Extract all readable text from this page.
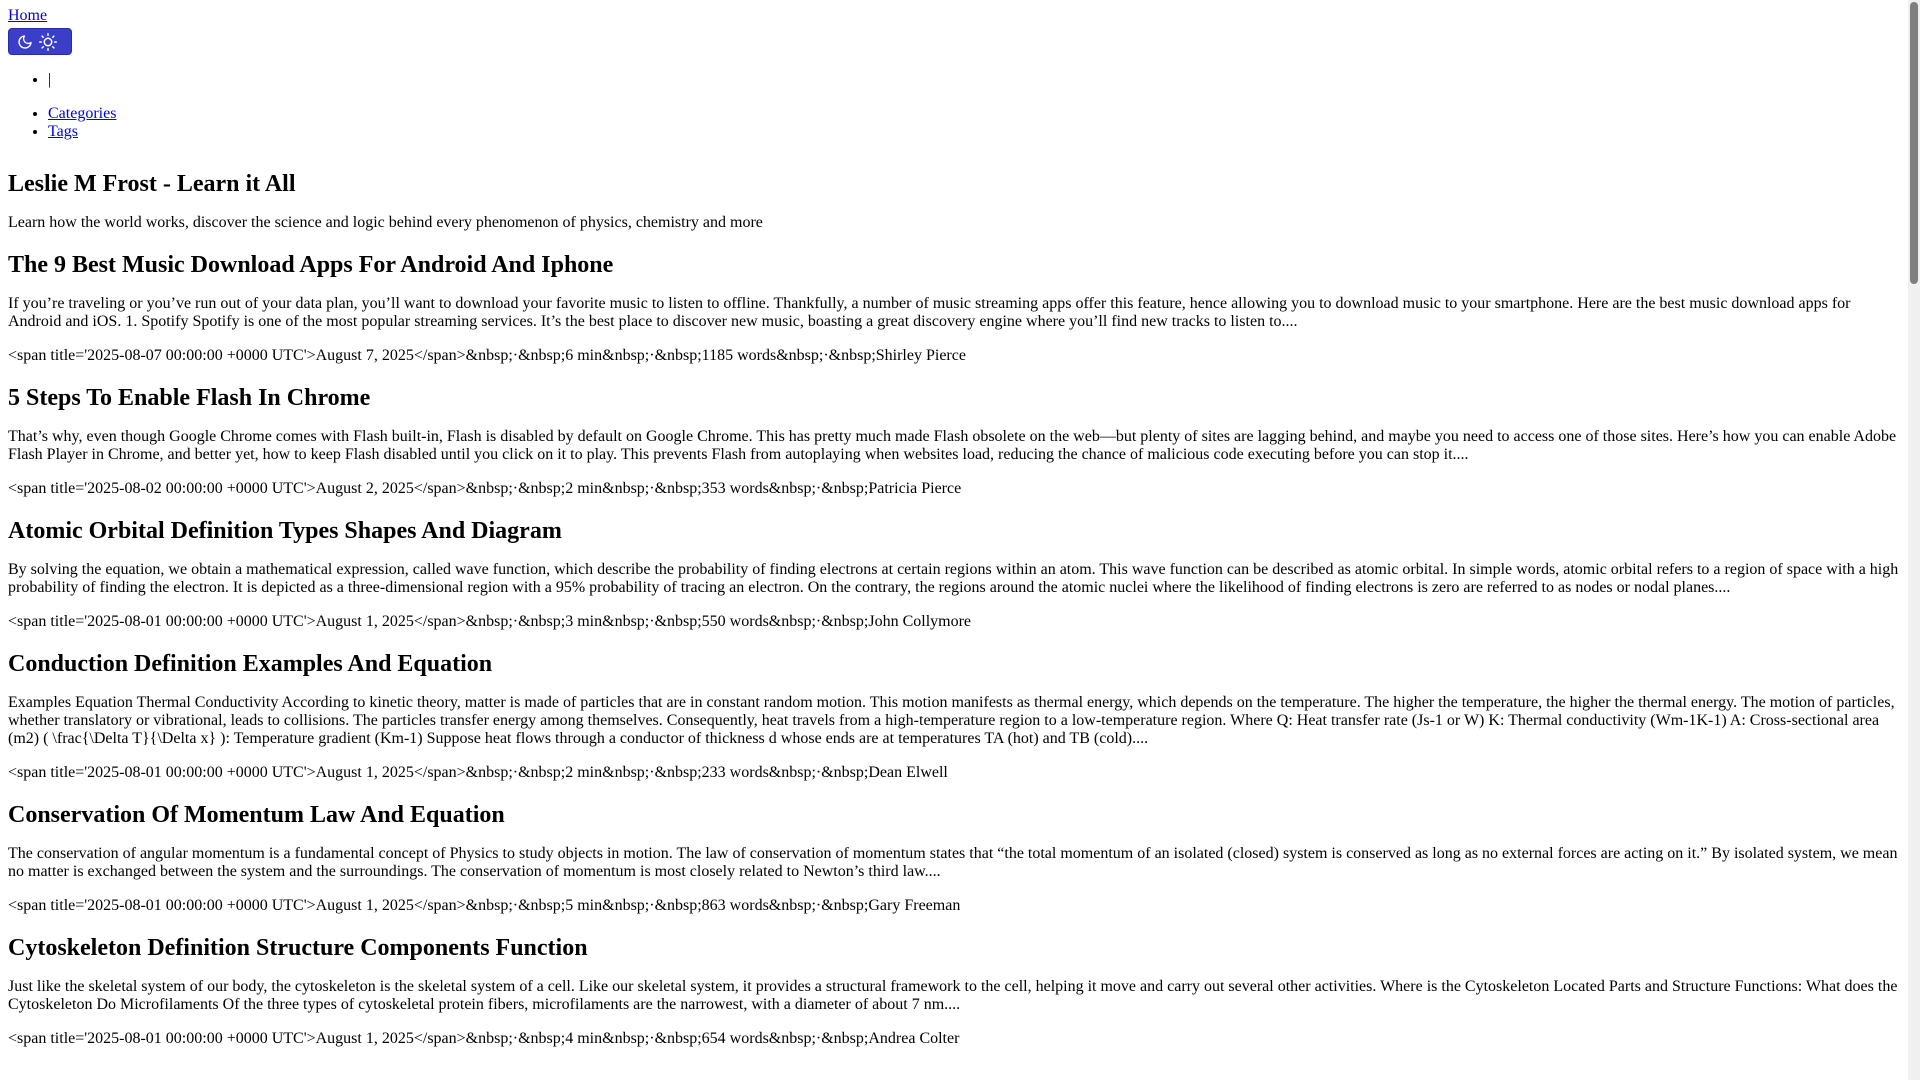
Home
• |
• Categories
• Tags
Leslie M Frost - Learn it All

Learn how the world works, discover the science and logic behind every phenomenon of physics, chemistry and more

The 9 Best Music Download Apps For Android And Iphone

If you’re traveling or you’ve run out of your data plan, you’ll want to download your favorite music to listen to offline. Thankfully, a number of music streaming apps offer this feature, hence allowing you to download music to your smartphone. Here are the best music download apps for Android and iOS. 1. Spotify Spotify is one of the most popular streaming services. It’s the best place to discover new music, boasting a great discovery engine where you’ll find new tracks to listen to....

<span title='2025-08-07 00:00:00 +0000 UTC'>August 7, 2025</span>&nbsp;·&nbsp;6 min&nbsp;·&nbsp;1185 words&nbsp;·&nbsp;Shirley Pierce
5 Steps To Enable Flash In Chrome

That’s why, even though Google Chrome comes with Flash built-in, Flash is disabled by default on Google Chrome. This has pretty much made Flash obsolete on the web—but plenty of sites are lagging behind, and maybe you need to access one of those sites. Here’s how you can enable Adobe Flash Player in Chrome, and better yet, how to keep Flash disabled until you click on it to play. This prevents Flash from autoplaying when websites load, reducing the chance of malicious code executing before you can stop it....

<span title='2025-08-02 00:00:00 +0000 UTC'>August 2, 2025</span>&nbsp;·&nbsp;2 min&nbsp;·&nbsp;353 words&nbsp;·&nbsp;Patricia Pierce
Atomic Orbital Definition Types Shapes And Diagram

By solving the equation, we obtain a mathematical expression, called wave function, which describe the probability of finding electrons at certain regions within an atom. This wave function can be described as atomic orbital. In simple words, atomic orbital refers to a region of space with a high probability of finding the electron. It is depicted as a three-dimensional region with a 95% probability of tracing an electron. On the contrary, the regions around the atomic nuclei where the likelihood of finding electrons is zero are referred to as nodes or nodal planes....

<span title='2025-08-01 00:00:00 +0000 UTC'>August 1, 2025</span>&nbsp;·&nbsp;3 min&nbsp;·&nbsp;550 words&nbsp;·&nbsp;John Collymore
Conduction Definition Examples And Equation

Examples Equation Thermal Conductivity According to kinetic theory, matter is made of particles that are in constant random motion. This motion manifests as thermal energy, which depends on the temperature. The higher the temperature, the higher the thermal energy. The motion of particles, whether translatory or vibrational, leads to collisions. The particles transfer energy among themselves. Consequently, heat travels from a high-temperature region to a low-temperature region. Where Q: Heat transfer rate (Js-1 or W) K: Thermal conductivity (Wm-1K-1) A: Cross-sectional area (m2) ( \frac{\Delta T}{\Delta x} ): Temperature gradient (Km-1) Suppose heat flows through a conductor of thickness d whose ends are at temperatures TA (hot) and TB (cold)....

<span title='2025-08-01 00:00:00 +0000 UTC'>August 1, 2025</span>&nbsp;·&nbsp;2 min&nbsp;·&nbsp;233 words&nbsp;·&nbsp;Dean Elwell
Conservation Of Momentum Law And Equation

The conservation of angular momentum is a fundamental concept of Physics to study objects in motion. The law of conservation of momentum states that “the total momentum of an isolated (closed) system is conserved as long as no external forces are acting on it.” By isolated system, we mean no matter is exchanged between the system and the surroundings. The conservation of momentum is most closely related to Newton’s third law....

<span title='2025-08-01 00:00:00 +0000 UTC'>August 1, 2025</span>&nbsp;·&nbsp;5 min&nbsp;·&nbsp;863 words&nbsp;·&nbsp;Gary Freeman
Cytoskeleton Definition Structure Components Function

Just like the skeletal system of our body, the cytoskeleton is the skeletal system of a cell. Like our skeletal system, it provides a structural framework to the cell, helping it move and carry out several other activities. Where is the Cytoskeleton Located Parts and Structure Functions: What does the Cytoskeleton Do Microfilaments Of the three types of cytoskeletal protein fibers, microfilaments are the narrowest, with a diameter of about 7 nm....

<span title='2025-08-01 00:00:00 +0000 UTC'>August 1, 2025</span>&nbsp;·&nbsp;4 min&nbsp;·&nbsp;654 words&nbsp;·&nbsp;Andrea Colter
